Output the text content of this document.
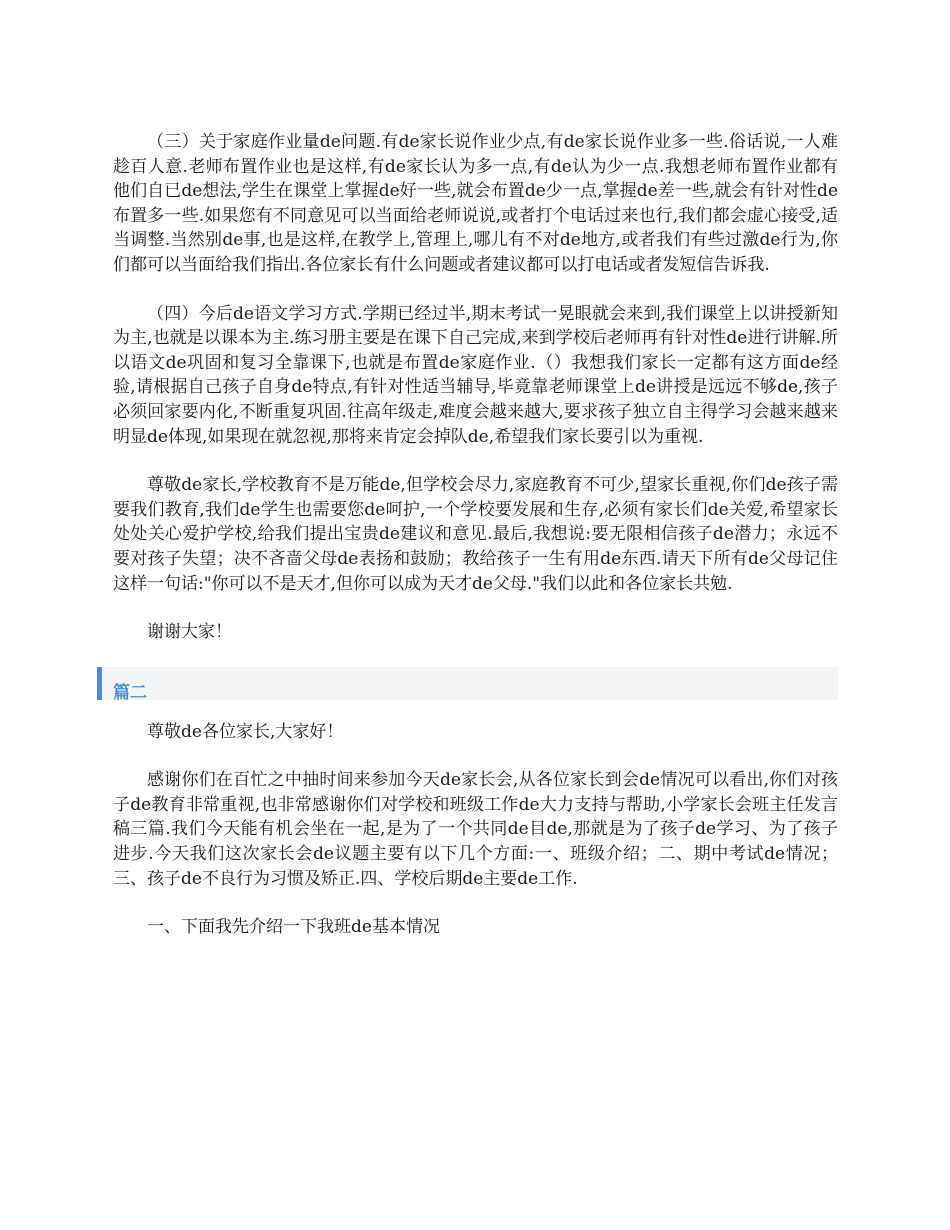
（三）关于家庭作业量de问题.有de家长说作业少点,有de家长说作业多一些.俗话说,一人难趁百人意.老师布置作业也是这样,有de家长认为多一点,有de认为少一点.我想老师布置作业都有他们自已de想法,学生在课堂上掌握de好一些,就会布置de少一点,掌握de差一些,就会有针对性de布置多一些.如果您有不同意见可以当面给老师说说,或者打个电话过来也行,我们都会虚心接受,适当调整.当然别de事,也是这样,在教学上,管理上,哪儿有不对de地方,或者我们有些过激de行为,你们都可以当面给我们指出.各位家长有什么问题或者建议都可以打电话或者发短信告诉我.

（四）今后de语文学习方式.学期已经过半,期末考试一晃眼就会来到,我们课堂上以讲授新知为主,也就是以课本为主.练习册主要是在课下自己完成,来到学校后老师再有针对性de进行讲解.所以语文de巩固和复习全靠课下,也就是布置de家庭作业.（）我想我们家长一定都有这方面de经验,请根据自己孩子自身de特点,有针对性适当辅导,毕竟靠老师课堂上de讲授是远远不够de,孩子必须回家要内化,不断重复巩固.往高年级走,难度会越来越大,要求孩子独立自主得学习会越来越来明显de体现,如果现在就忽视,那将来肯定会掉队de,希望我们家长要引以为重视.

尊敬de家长,学校教育不是万能de,但学校会尽力,家庭教育不可少,望家长重视,你们de孩子需要我们教育,我们de学生也需要您de呵护,一个学校要发展和生存,必须有家长们de关爱,希望家长处处关心爱护学校,给我们提出宝贵de建议和意见.最后,我想说:要无限相信孩子de潜力；永远不要对孩子失望；决不吝啬父母de表扬和鼓励；教给孩子一生有用de东西.请天下所有de父母记住这样一句话:"你可以不是天才,但你可以成为天才de父母."我们以此和各位家长共勉.

谢谢大家！

篇二

尊敬de各位家长,大家好！

感谢你们在百忙之中抽时间来参加今天de家长会,从各位家长到会de情况可以看出,你们对孩子de教育非常重视,也非常感谢你们对学校和班级工作de大力支持与帮助,小学家长会班主任发言稿三篇.我们今天能有机会坐在一起,是为了一个共同de目de,那就是为了孩子de学习、为了孩子进步.今天我们这次家长会de议题主要有以下几个方面:一、班级介绍；二、期中考试de情况；三、孩子de不良行为习惯及矫正.四、学校后期de主要de工作.

一、下面我先介绍一下我班de基本情况
